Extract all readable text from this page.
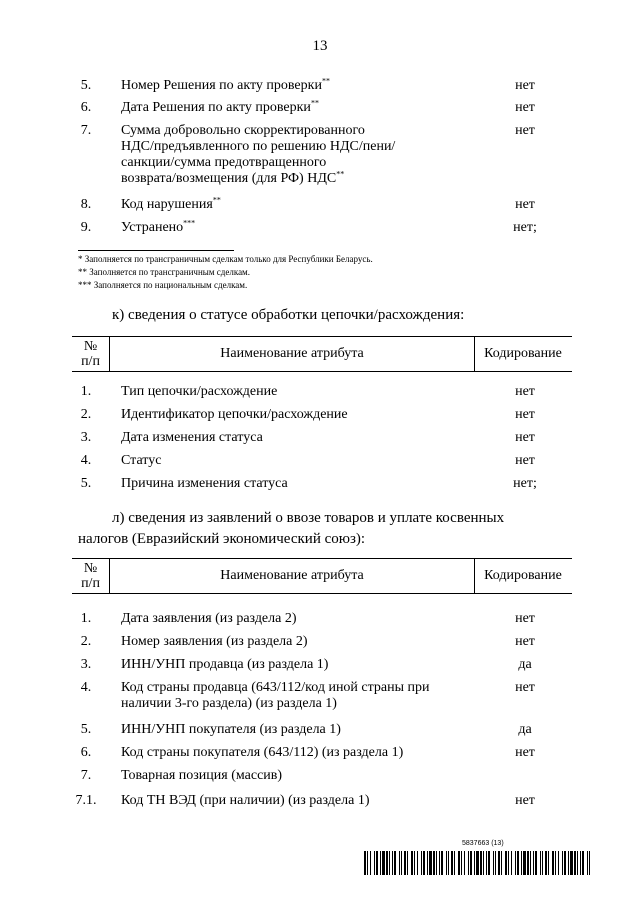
13
5.	Номер Решения по акту проверки**	нет
6.	Дата Решения по акту проверки**	нет
7.	Сумма добровольно скорректированного
НДС/предъявленного по решению НДС/пени/
санкции/сумма предотвращенного
возврата/возмещения (для РФ) НДС**
нет
8.	Код нарушения**	нет
9.	Устранено***	нет;
* Заполняется по трансграничным сделкам только для Республики Беларусь.
** Заполняется по трансграничным сделкам.
*** Заполняется по национальным сделкам.
к) сведения о статусе обработки цепочки/расхождения:
№
п/п
Наименование атрибута	Кодирование
1.	Тип цепочки/расхождение	нет
2.	Идентификатор цепочки/расхождение	нет
3.	Дата изменения статуса	нет
4.	Статус	нет
5.	Причина изменения статуса	нет;
л) сведения из заявлений о ввозе товаров и уплате косвенных
налогов (Евразийский экономический союз):
№
п/п
Наименование атрибута	Кодирование
1.	Дата заявления (из раздела 2)	нет
2.	Номер заявления (из раздела 2)	нет
3.	ИНН/УНП продавца (из раздела 1)	да
4.	Код страны продавца (643/112/код иной страны при
наличии 3-го раздела) (из раздела 1)
нет
5.	ИНН/УНП покупателя (из раздела 1)	да
6.	Код страны покупателя (643/112) (из раздела 1)	нет
7.	Товарная позиция (массив)
7.1. Код ТН ВЭД (при наличии) (из раздела 1)	нет
5837663 (13)
